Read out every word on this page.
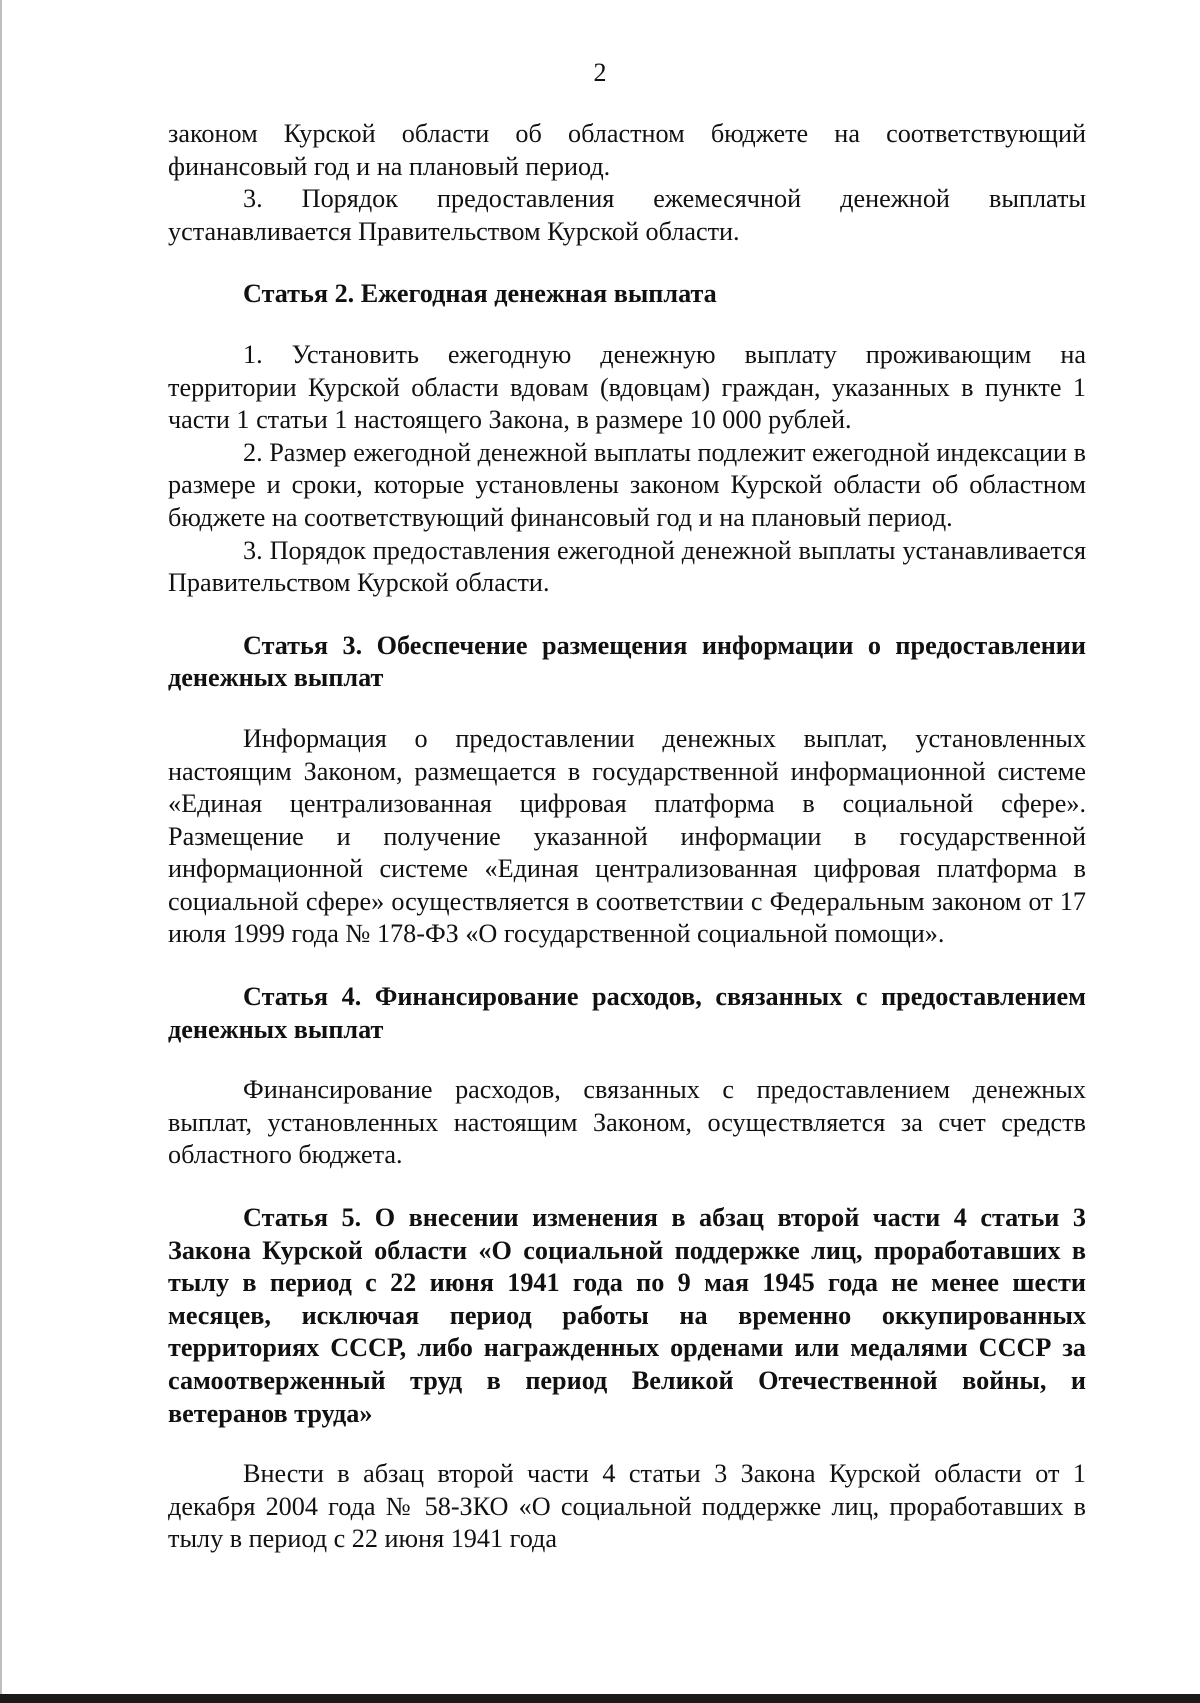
2

законом Курской области об областном бюджете на соответствующий финансовый год и на плановый период.

3. Порядок предоставления ежемесячной денежной выплаты устанавливается Правительством Курской области.

Статья 2. Ежегодная денежная выплата

1. Установить ежегодную денежную выплату проживающим на территории Курской области вдовам (вдовцам) граждан, указанных в пункте 1 части 1 статьи 1 настоящего Закона, в размере 10 000 рублей.

2. Размер ежегодной денежной выплаты подлежит ежегодной индексации в размере и сроки, которые установлены законом Курской области об областном бюджете на соответствующий финансовый год и на плановый период.

3. Порядок предоставления ежегодной денежной выплаты устанавливается Правительством Курской области.

Статья 3. Обеспечение размещения информации о предоставлении денежных выплат

Информация о предоставлении денежных выплат, установленных настоящим Законом, размещается в государственной информационной системе «Единая централизованная цифровая платформа в социальной сфере». Размещение и получение указанной информации в государственной информационной системе «Единая централизованная цифровая платформа в социальной сфере» осуществляется в соответствии с Федеральным законом от 17 июля 1999 года № 178-ФЗ «О государственной социальной помощи».

Статья 4. Финансирование расходов, связанных с предоставлением денежных выплат

Финансирование расходов, связанных с предоставлением денежных выплат, установленных настоящим Законом, осуществляется за счет средств областного бюджета.

Статья 5. О внесении изменения в абзац второй части 4 статьи 3 Закона Курской области «О социальной поддержке лиц, проработавших в тылу в период с 22 июня 1941 года по 9 мая 1945 года не менее шести месяцев, исключая период работы на временно оккупированных территориях СССР, либо награжденных орденами или медалями СССР за самоотверженный труд в период Великой Отечественной войны, и ветеранов труда»

Внести в абзац второй части 4 статьи 3 Закона Курской области от 1 декабря 2004 года № 58-ЗКО «О социальной поддержке лиц, проработавших в тылу в период с 22 июня 1941 года
